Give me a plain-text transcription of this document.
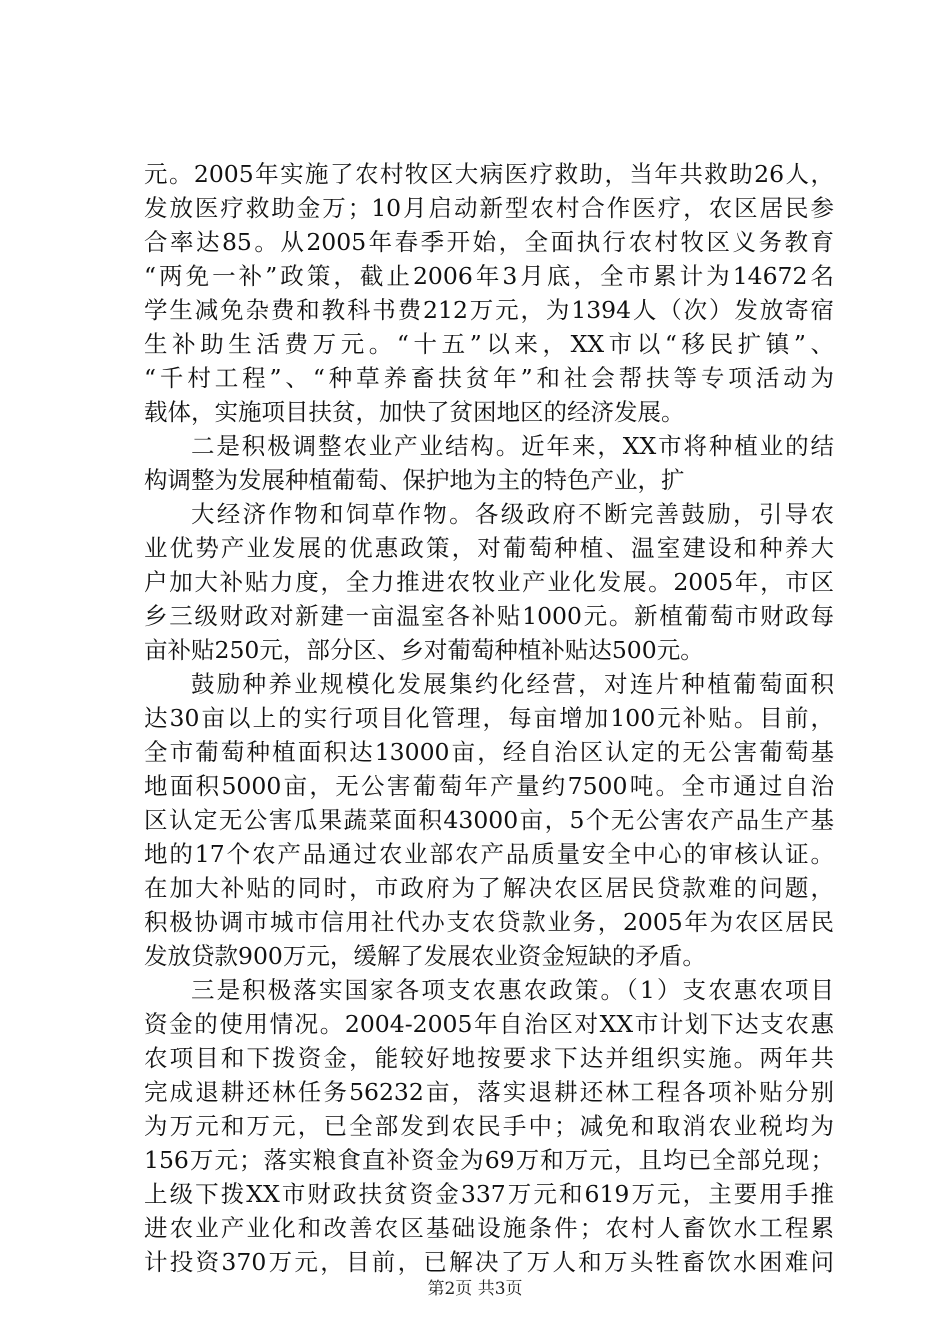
元。2005年实施了农村牧区大病医疗救助，当年共救助26人，
发放医疗救助金万；10月启动新型农村合作医疗，农区居民参
合率达85。从2005年春季开始，全面执行农村牧区义务教育
“两免一补”政策，截止2006年3月底，全市累计为14672名
学生减免杂费和教科书费212万元，为1394人（次）发放寄宿
生补助生活费万元。“十五”以来，XX市以“移民扩镇”、
“千村工程”、“种草养畜扶贫年”和社会帮扶等专项活动为
载体，实施项目扶贫，加快了贫困地区的经济发展。
二是积极调整农业产业结构。近年来，XX市将种植业的结
构调整为发展种植葡萄、保护地为主的特色产业，扩
大经济作物和饲草作物。各级政府不断完善鼓励，引导农
业优势产业发展的优惠政策，对葡萄种植、温室建设和种养大
户加大补贴力度，全力推进农牧业产业化发展。2005年，市区
乡三级财政对新建一亩温室各补贴1000元。新植葡萄市财政每
亩补贴250元，部分区、乡对葡萄种植补贴达500元。
鼓励种养业规模化发展集约化经营，对连片种植葡萄面积
达30亩以上的实行项目化管理，每亩增加100元补贴。目前，
全市葡萄种植面积达13000亩，经自治区认定的无公害葡萄基
地面积5000亩，无公害葡萄年产量约7500吨。全市通过自治
区认定无公害瓜果蔬菜面积43000亩，5个无公害农产品生产基
地的17个农产品通过农业部农产品质量安全中心的审核认证。
在加大补贴的同时，市政府为了解决农区居民贷款难的问题，
积极协调市城市信用社代办支农贷款业务，2005年为农区居民
发放贷款900万元，缓解了发展农业资金短缺的矛盾。
三是积极落实国家各项支农惠农政策。（1）支农惠农项目
资金的使用情况。2004-2005年自治区对XX市计划下达支农惠
农项目和下拨资金，能较好地按要求下达并组织实施。两年共
完成退耕还林任务56232亩，落实退耕还林工程各项补贴分别
为万元和万元，已全部发到农民手中；减免和取消农业税均为
156万元；落实粮食直补资金为69万和万元，且均已全部兑现；
上级下拨XX市财政扶贫资金337万元和619万元，主要用手推
进农业产业化和改善农区基础设施条件；农村人畜饮水工程累
计投资370万元，目前，已解决了万人和万头牲畜饮水困难问
第2页 共3页
